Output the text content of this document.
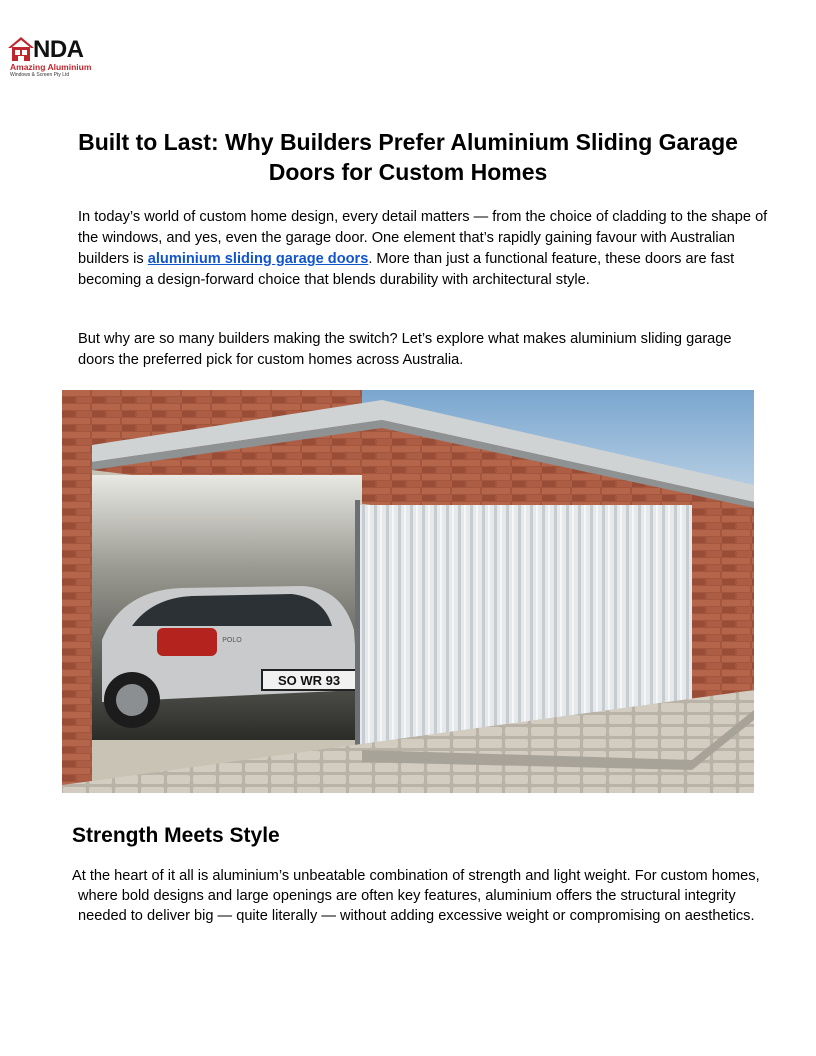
NDA
Amazing Aluminium
Windows & Screen Pty Ltd
Built to Last: Why Builders Prefer Aluminium Sliding Garage Doors for Custom Homes

In today’s world of custom home design, every detail matters — from the choice of cladding to the shape of the windows, and yes, even the garage door. One element that’s rapidly gaining favour with Australian builders is aluminium sliding garage doors. More than just a functional feature, these doors are fast becoming a design-forward choice that blends durability with architectural style.

But why are so many builders making the switch? Let’s explore what makes aluminium sliding garage doors the preferred pick for custom homes across Australia.

SO WR 93
POLO
Strength Meets Style

At the heart of it all is aluminium’s unbeatable combination of strength and light weight. For custom homes, where bold designs and large openings are often key features, aluminium offers the structural integrity needed to deliver big — quite literally — without adding excessive weight or compromising on aesthetics.
